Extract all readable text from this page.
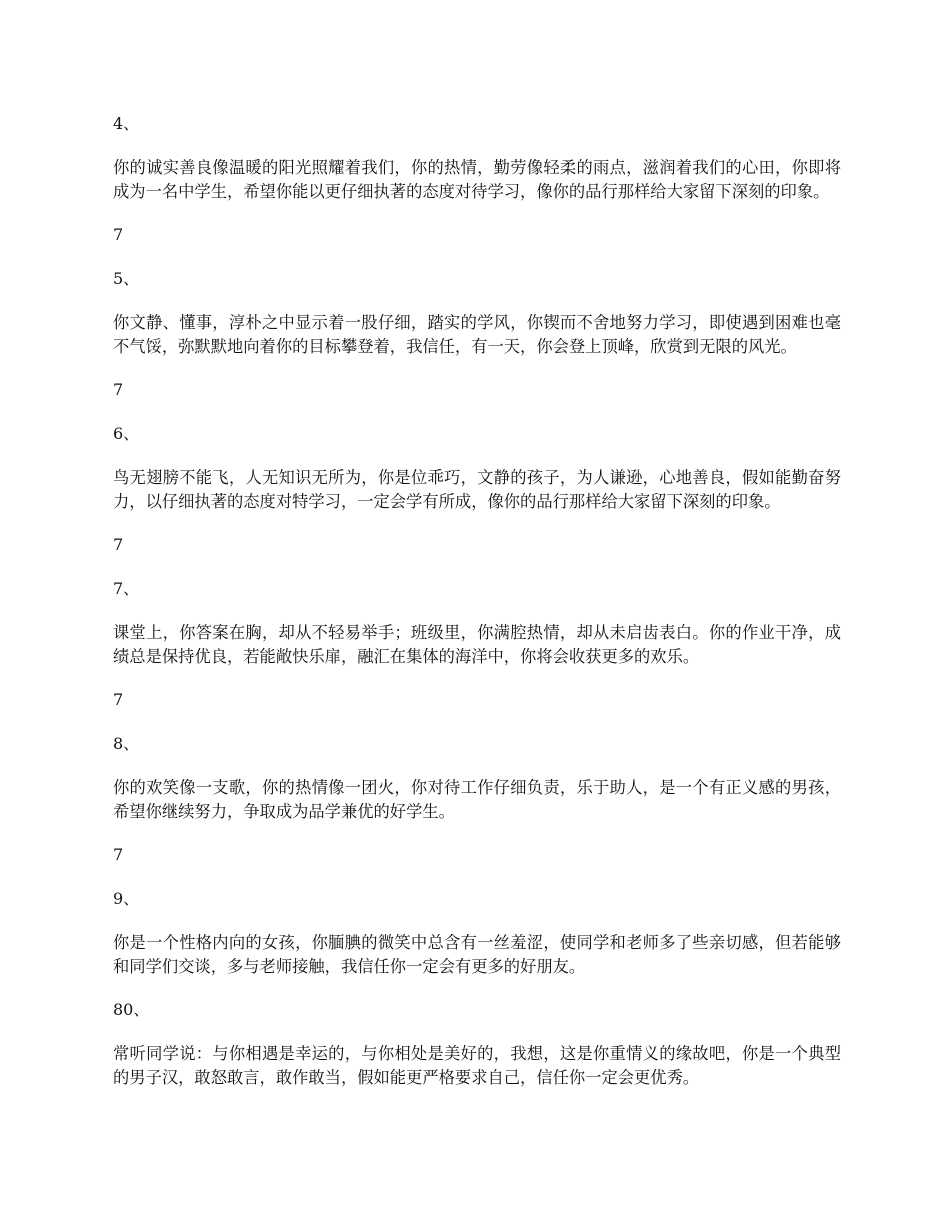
4、
你的诚实善良像温暖的阳光照耀着我们，你的热情，勤劳像轻柔的雨点，滋润着我们的心田，你即将成为一名中学生，希望你能以更仔细执著的态度对待学习，像你的品行那样给大家留下深刻的印象。
7
5、
你文静、懂事，淳朴之中显示着一股仔细，踏实的学风，你锲而不舍地努力学习，即使遇到困难也毫不气馁，弥默默地向着你的目标攀登着，我信任，有一天，你会登上顶峰，欣赏到无限的风光。
7
6、
鸟无翅膀不能飞，人无知识无所为，你是位乖巧，文静的孩子，为人谦逊，心地善良，假如能勤奋努力，以仔细执著的态度对特学习，一定会学有所成，像你的品行那样给大家留下深刻的印象。
7
7、
课堂上，你答案在胸，却从不轻易举手；班级里，你满腔热情，却从未启齿表白。你的作业干净，成绩总是保持优良，若能敞快乐扉，融汇在集体的海洋中，你将会收获更多的欢乐。
7
8、
你的欢笑像一支歌，你的热情像一团火，你对待工作仔细负责，乐于助人，是一个有正义感的男孩，希望你继续努力，争取成为品学兼优的好学生。
7
9、
你是一个性格内向的女孩，你腼腆的微笑中总含有一丝羞涩，使同学和老师多了些亲切感，但若能够和同学们交谈，多与老师接触，我信任你一定会有更多的好朋友。
80、
常听同学说：与你相遇是幸运的，与你相处是美好的，我想，这是你重情义的缘故吧，你是一个典型的男子汉，敢怒敢言，敢作敢当，假如能更严格要求自己，信任你一定会更优秀。
